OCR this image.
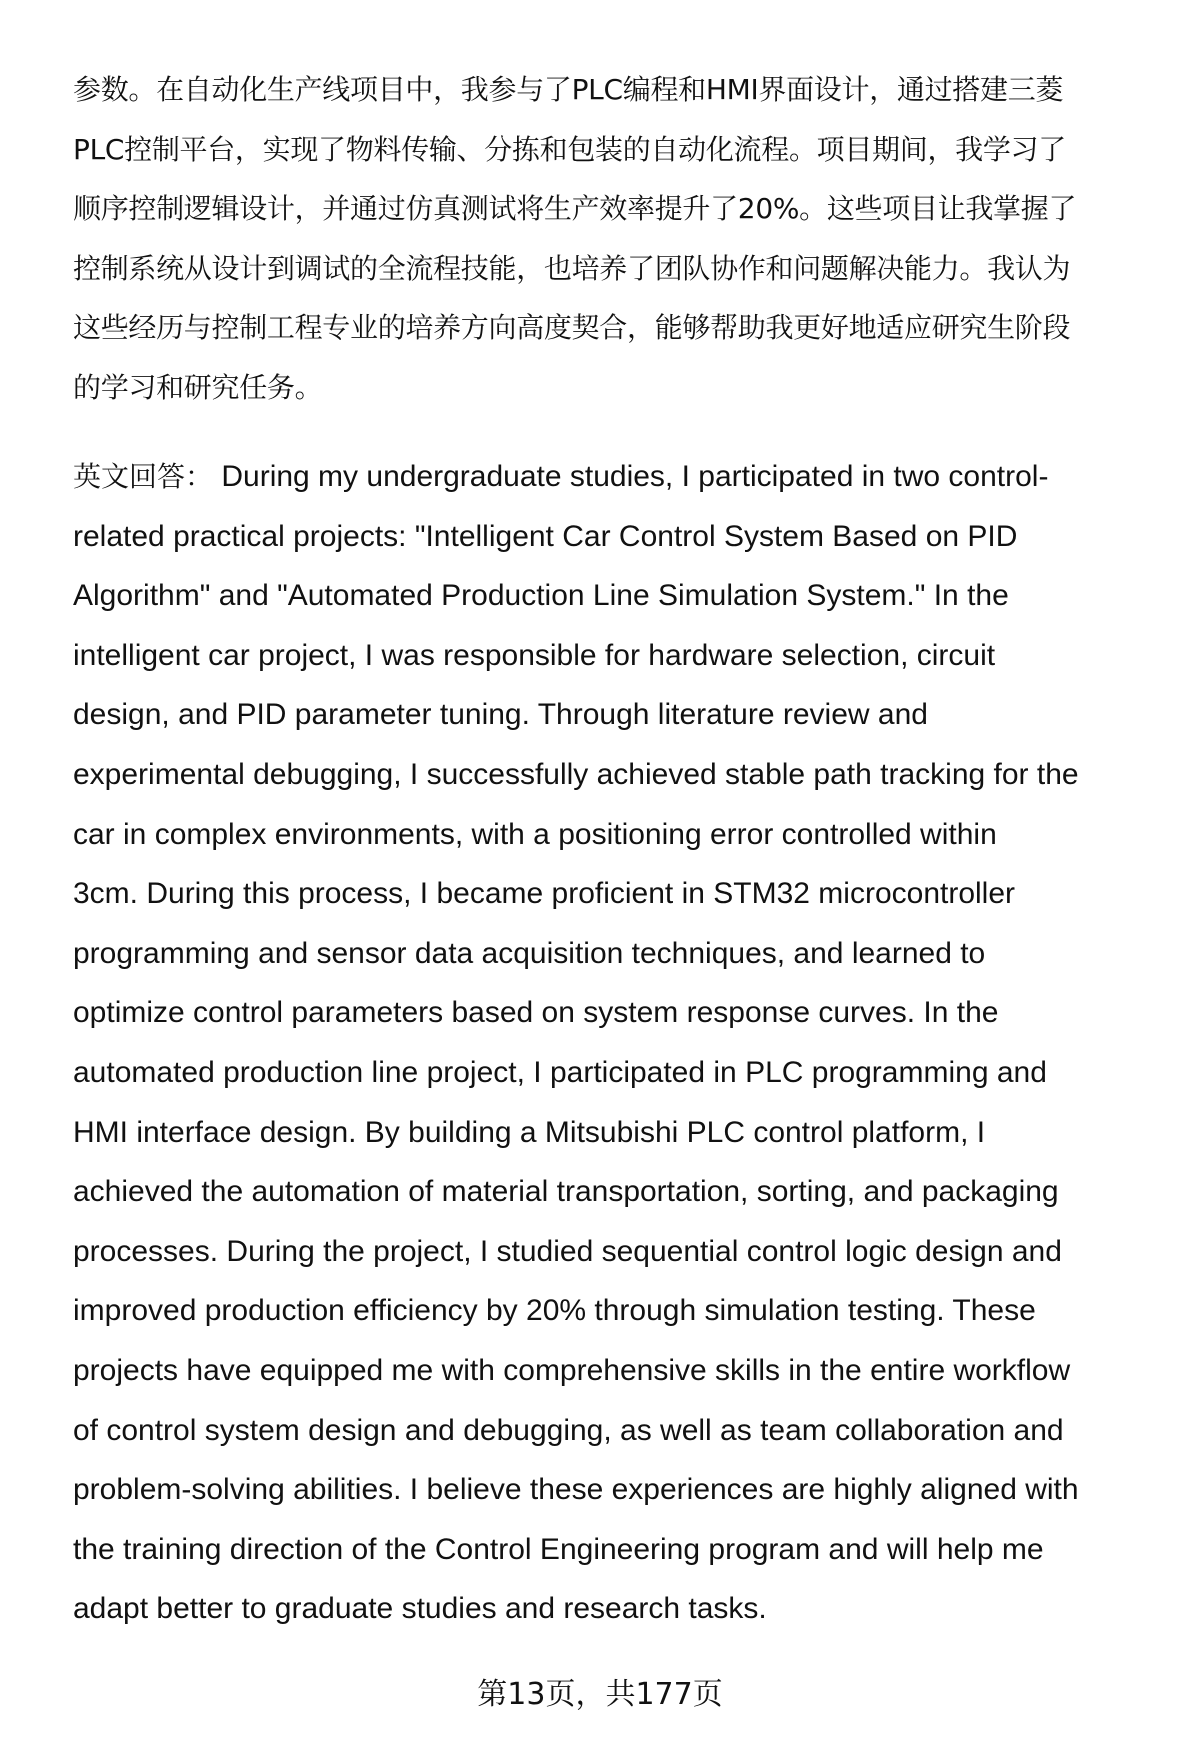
参数。在自动化生产线项目中，我参与了PLC编程和HMI界面设计，通过搭建三菱
PLC控制平台，实现了物料传输、分拣和包装的自动化流程。项目期间，我学习了
顺序控制逻辑设计，并通过仿真测试将生产效率提升了20%。这些项目让我掌握了
控制系统从设计到调试的全流程技能，也培养了团队协作和问题解决能力。我认为
这些经历与控制工程专业的培养方向高度契合，能够帮助我更好地适应研究生阶段
的学习和研究任务。
英文回答： During my undergraduate studies, I participated in two control-
related practical projects: "Intelligent Car Control System Based on PID
Algorithm" and "Automated Production Line Simulation System." In the
intelligent car project, I was responsible for hardware selection, circuit
design, and PID parameter tuning. Through literature review and
experimental debugging, I successfully achieved stable path tracking for the
car in complex environments, with a positioning error controlled within
3cm. During this process, I became proficient in STM32 microcontroller
programming and sensor data acquisition techniques, and learned to
optimize control parameters based on system response curves. In the
automated production line project, I participated in PLC programming and
HMI interface design. By building a Mitsubishi PLC control platform, I
achieved the automation of material transportation, sorting, and packaging
processes. During the project, I studied sequential control logic design and
improved production efficiency by 20% through simulation testing. These
projects have equipped me with comprehensive skills in the entire workflow
of control system design and debugging, as well as team collaboration and
problem-solving abilities. I believe these experiences are highly aligned with
the training direction of the Control Engineering program and will help me
adapt better to graduate studies and research tasks.
第13页，共177页
